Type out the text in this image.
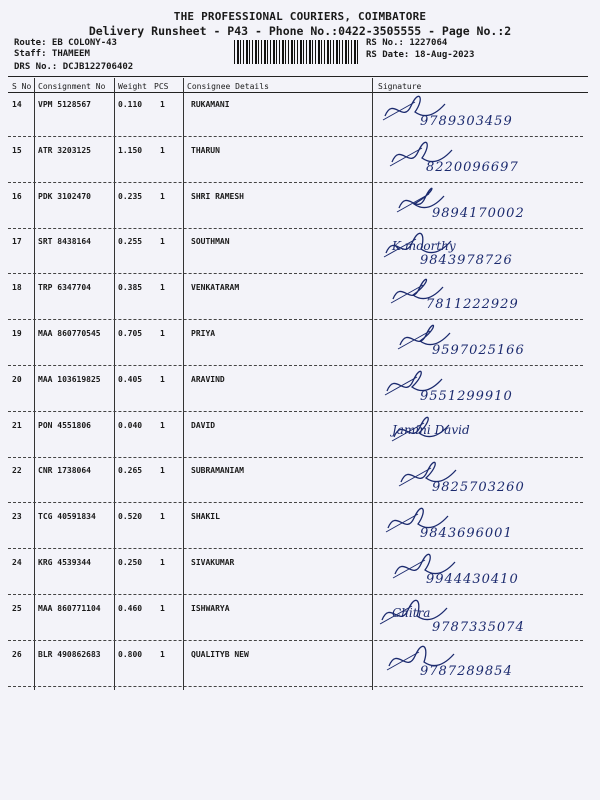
THE PROFESSIONAL COURIERS, COIMBATORE
Delivery Runsheet - P43 - Phone No.:0422-3505555 - Page No.:2
Route: EB COLONY-43
Staff: THAMEEM
DRS No.: DCJB122706402
RS No.: 1227064
RS Date: 18-Aug-2023
S No Consignment No Weight PCS Consignee Details	Signature
14 VPM 5128567	0.110 1	RUKAMANI
9789303459
15 ATR 3203125	1.150 1	THARUN
8220096697
16 PDK 3102470	0.235 1	SHRI RAMESH
9894170002
17 SRT 8438164	0.255 1	SOUTHMAN	K.moorthy
9843978726
18 TRP 6347704	0.385 1	VENKATARAM
7811222929
19 MAA 860770545 0.705 1	PRIYA
9597025166
20 MAA 103619825 0.405 1	ARAVIND
9551299910
21 PON 4551806	0.040 1	DAVID	Jamini David
22 CNR 1738064	0.265 1	SUBRAMANIAM
9825703260
23 TCG 40591834	0.520 1	SHAKIL
9843696001
24 KRG 4539344	0.250 1	SIVAKUMAR
9944430410
25 MAA 860771104 0.460 1	ISHWARYA	Chitra
9787335074
26 BLR 490862683 0.800 1	QUALITYB NEW
9787289854
